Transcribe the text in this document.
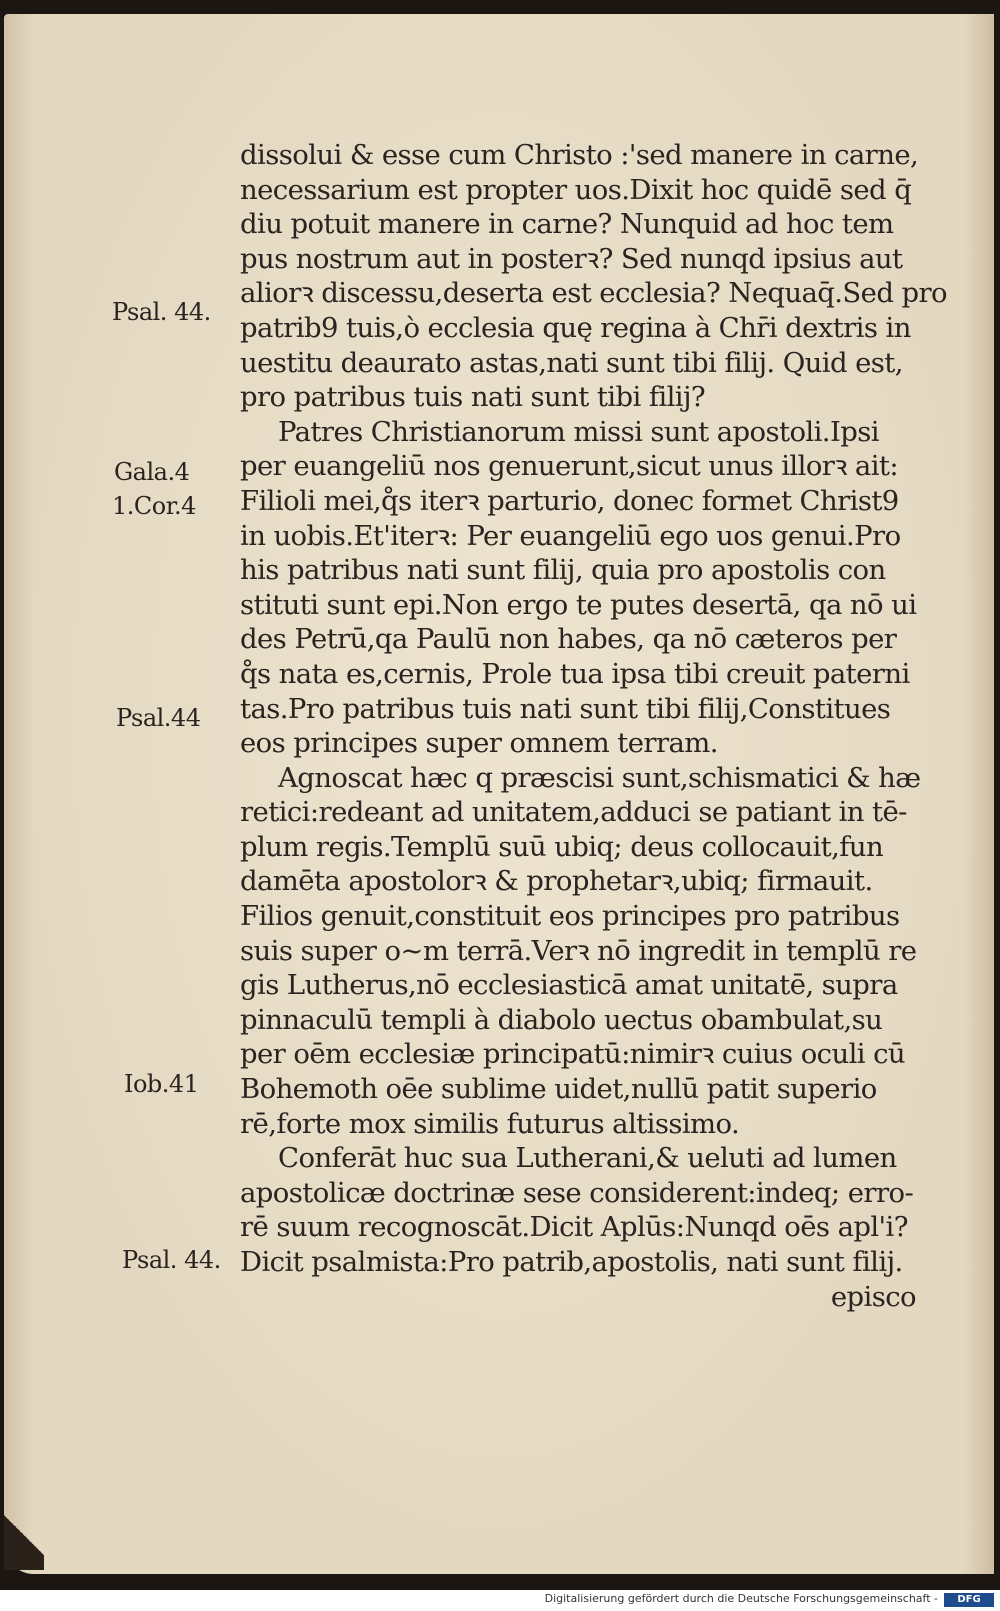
dissolui & esse cum Christo :'sed manere in carne,
necessarium est propter uos.Dixit hoc quidē sed q̄
diu potuit manere in carne? Nunquid ad hoc tem
pus nostrum aut in posterꝛ? Sed nunqd ipsius aut
aliorꝛ discessu,deserta est ecclesia? Nequaq̄.Sed pro
patrib9 tuis,ò ecclesia quę regina à Chr̄i dextris in
uestitu deaurato astas,nati sunt tibi filij. Quid est,
pro patribus tuis nati sunt tibi filij?
Patres Christianorum missi sunt apostoli.Ipsi
per euangeliū nos genuerunt,sicut unus illorꝛ ait:
Filioli mei,q̊s iterꝛ parturio, donec formet Christ9
in uobis.Et'iterꝛ: Per euangeliū ego uos genui.Pro
his patribus nati sunt filij, quia pro apostolis con
stituti sunt epi.Non ergo te putes desertā, qa nō ui
des Petrū,qa Paulū non habes, qa nō cæteros per
q̊s nata es,cernis, Prole tua ipsa tibi creuit paterni
tas.Pro patribus tuis nati sunt tibi filij,Constitues
eos principes super omnem terram.
Agnoscat hæc q præscisi sunt,schismatici & hæ
retici:redeant ad unitatem,adduci se patiant in tē-
plum regis.Templū suū ubiq; deus collocauit,fun
damēta apostolorꝛ & prophetarꝛ,ubiq; firmauit.
Filios genuit,constituit eos principes pro patribus
suis super o~m terrā.Verꝛ nō ingredit in templū re
gis Lutherus,nō ecclesiasticā amat unitatē, supra
pinnaculū templi à diabolo uectus obambulat,su
per oēm ecclesiæ principatū:nimirꝛ cuius oculi cū
Bohemoth oēe sublime uidet,nullū patit superio
rē,forte mox similis futurus altissimo.
Conferāt huc sua Lutherani,& ueluti ad lumen
apostolicæ doctrinæ sese considerent:indeq; erro-
rē suum recognoscāt.Dicit Aplūs:Nunqd oēs apl'i?
Dicit psalmista:Pro patrib,apostolis, nati sunt filij.
episco
Psal. 44.
Gala.4
1.Cor.4
Psal.44
Iob.41
Psal. 44.
Digitalisierung gefördert durch die Deutsche Forschungsgemeinschaft -	DFG
